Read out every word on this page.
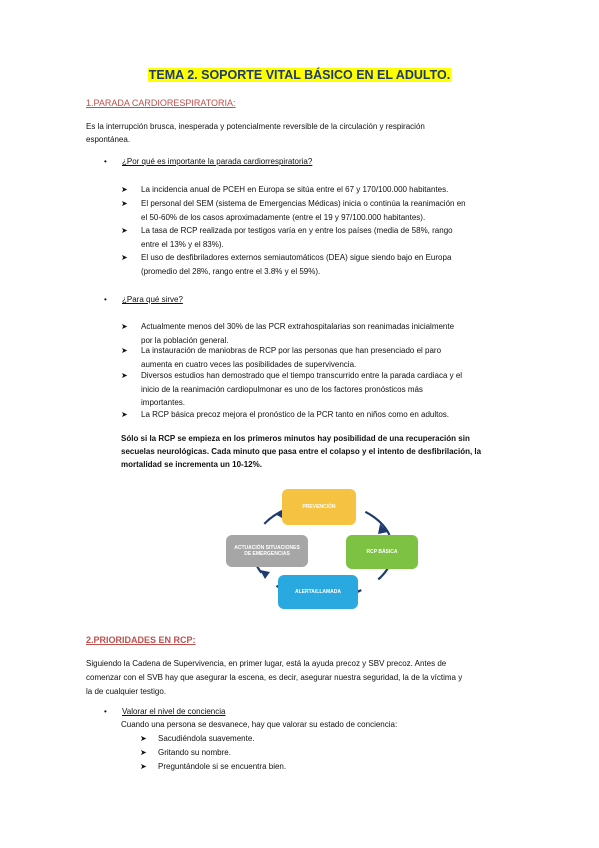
TEMA 2. SOPORTE VITAL BÁSICO EN EL ADULTO.
1.PARADA CARDIORESPIRATORIA:
Es la interrupción brusca, inesperada y potencialmente reversible de la circulación y respiración
espontánea.
• ¿Por qué es importante la parada cardiorrespiratoria?
➤ La incidencia anual de PCEH en Europa se sitúa entre el 67 y 170/100.000 habitantes.
➤ El personal del SEM (sistema de Emergencias Médicas) inicia o continúa la reanimación en
el 50-60% de los casos aproximadamente (entre el 19 y 97/100.000 habitantes).
➤ La tasa de RCP realizada por testigos varía en y entre los países (media de 58%, rango
entre el 13% y el 83%).
➤ El uso de desfibriladores externos semiautomáticos (DEA) sigue siendo bajo en Europa
(promedio del 28%, rango entre el 3.8% y el 59%).
• ¿Para qué sirve?
➤ Actualmente menos del 30% de las PCR extrahospitalarias son reanimadas inicialmente
por la población general.
➤ La instauración de maniobras de RCP por las personas que han presenciado el paro
aumenta en cuatro veces las posibilidades de supervivencia.
➤ Diversos estudios han demostrado que el tiempo transcurrido entre la parada cardiaca y el
inicio de la reanimación cardiopulmonar es uno de los factores pronósticos más
importantes.
➤ La RCP básica precoz mejora el pronóstico de la PCR tanto en niños como en adultos.
Sólo si la RCP se empieza en los primeros minutos hay posibilidad de una recuperación sin
secuelas neurológicas. Cada minuto que pasa entre el colapso y el intento de desfibrilación, la
mortalidad se incrementa un 10-12%.
PREVENCIÓN
RCP BÁSICA
ALERTA/LLAMADA
ACTUACIÓN SITUACIONES
DE EMERGENCIAS
2.PRIORIDADES EN RCP:
Siguiendo la Cadena de Supervivencia, en primer lugar, está la ayuda precoz y SBV precoz. Antes de
comenzar con el SVB hay que asegurar la escena, es decir, asegurar nuestra seguridad, la de la víctima y
la de cualquier testigo.
• Valorar el nivel de conciencia
Cuando una persona se desvanece, hay que valorar su estado de conciencia:
➤ Sacudiéndola suavemente.
➤ Gritando su nombre.
➤ Preguntándole si se encuentra bien.
